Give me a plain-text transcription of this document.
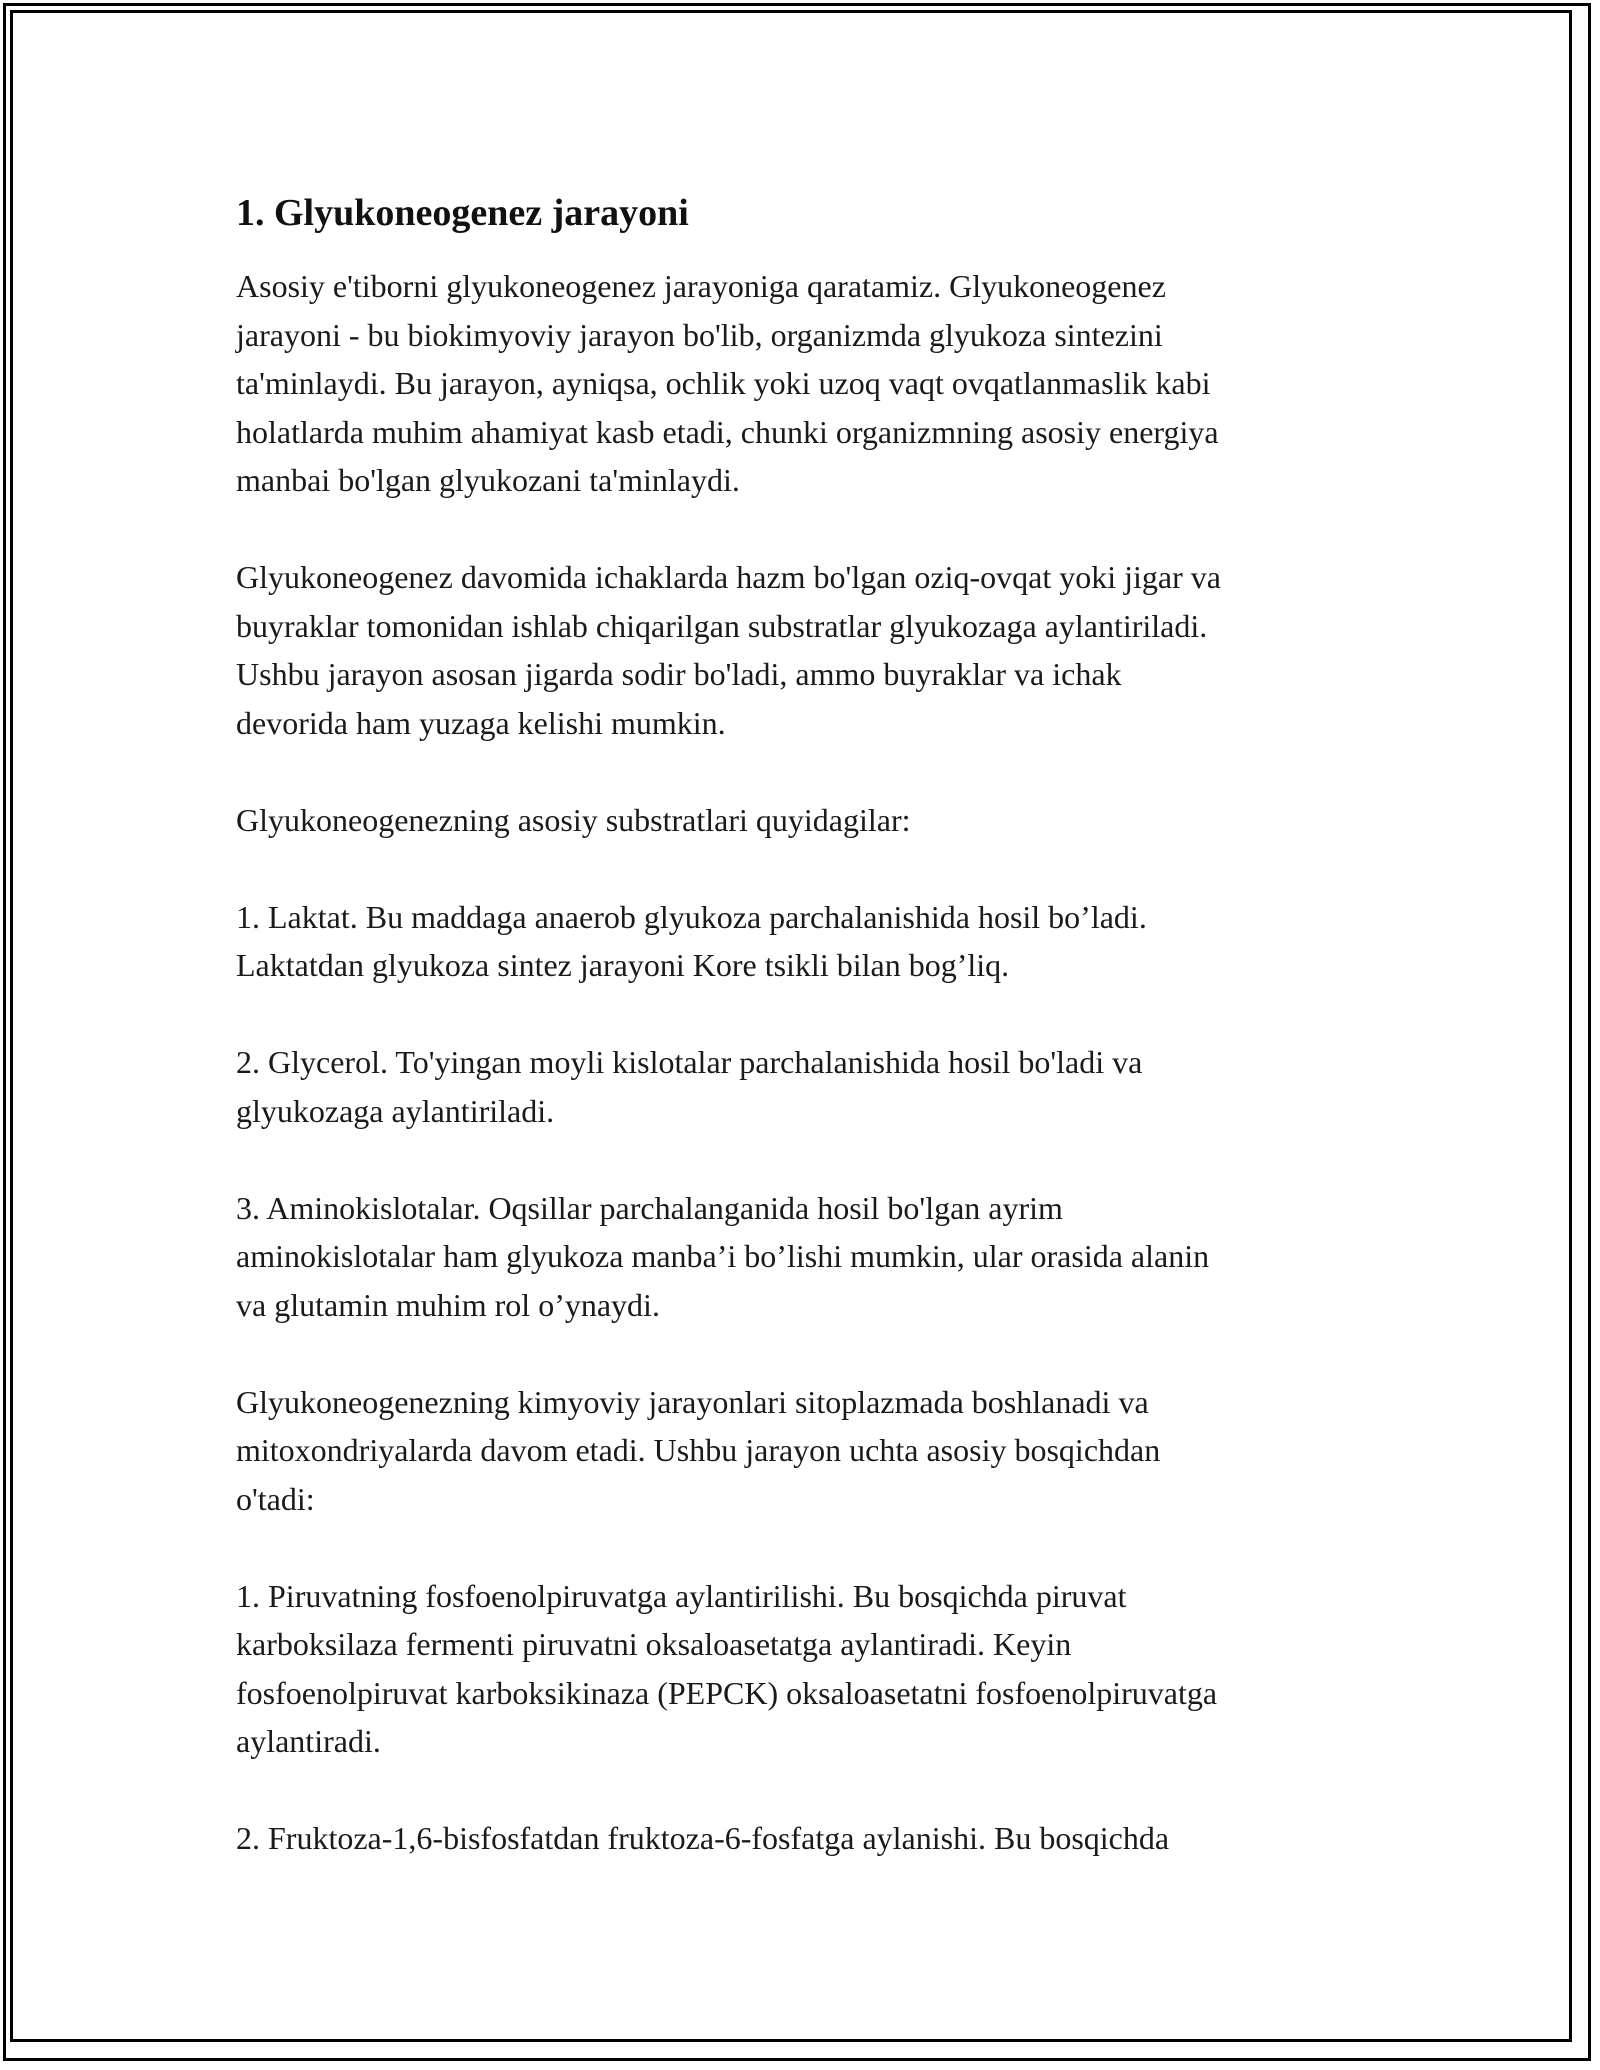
1. Glyukoneogenez jarayoni

Asosiy e'tiborni glyukoneogenez jarayoniga qaratamiz. Glyukoneogenez
jarayoni - bu biokimyoviy jarayon bo'lib, organizmda glyukoza sintezini
ta'minlaydi. Bu jarayon, ayniqsa, ochlik yoki uzoq vaqt ovqatlanmaslik kabi
holatlarda muhim ahamiyat kasb etadi, chunki organizmning asosiy energiya
manbai bo'lgan glyukozani ta'minlaydi.

Glyukoneogenez davomida ichaklarda hazm bo'lgan oziq-ovqat yoki jigar va
buyraklar tomonidan ishlab chiqarilgan substratlar glyukozaga aylantiriladi.
Ushbu jarayon asosan jigarda sodir bo'ladi, ammo buyraklar va ichak
devorida ham yuzaga kelishi mumkin.

Glyukoneogenezning asosiy substratlari quyidagilar:

1. Laktat. Bu maddaga anaerob glyukoza parchalanishida hosil bo’ladi.
Laktatdan glyukoza sintez jarayoni Kore tsikli bilan bog’liq.

2. Glycerol. To'yingan moyli kislotalar parchalanishida hosil bo'ladi va
glyukozaga aylantiriladi.

3. Aminokislotalar. Oqsillar parchalanganida hosil bo'lgan ayrim
aminokislotalar ham glyukoza manba’i bo’lishi mumkin, ular orasida alanin
va glutamin muhim rol o’ynaydi.

Glyukoneogenezning kimyoviy jarayonlari sitoplazmada boshlanadi va
mitoxondriyalarda davom etadi. Ushbu jarayon uchta asosiy bosqichdan
o'tadi:

1. Piruvatning fosfoenolpiruvatga aylantirilishi. Bu bosqichda piruvat
karboksilaza fermenti piruvatni oksaloasetatga aylantiradi. Keyin
fosfoenolpiruvat karboksikinaza (PEPCK) oksaloasetatni fosfoenolpiruvatga
aylantiradi.

2. Fruktoza-1,6-bisfosfatdan fruktoza-6-fosfatga aylanishi. Bu bosqichda
